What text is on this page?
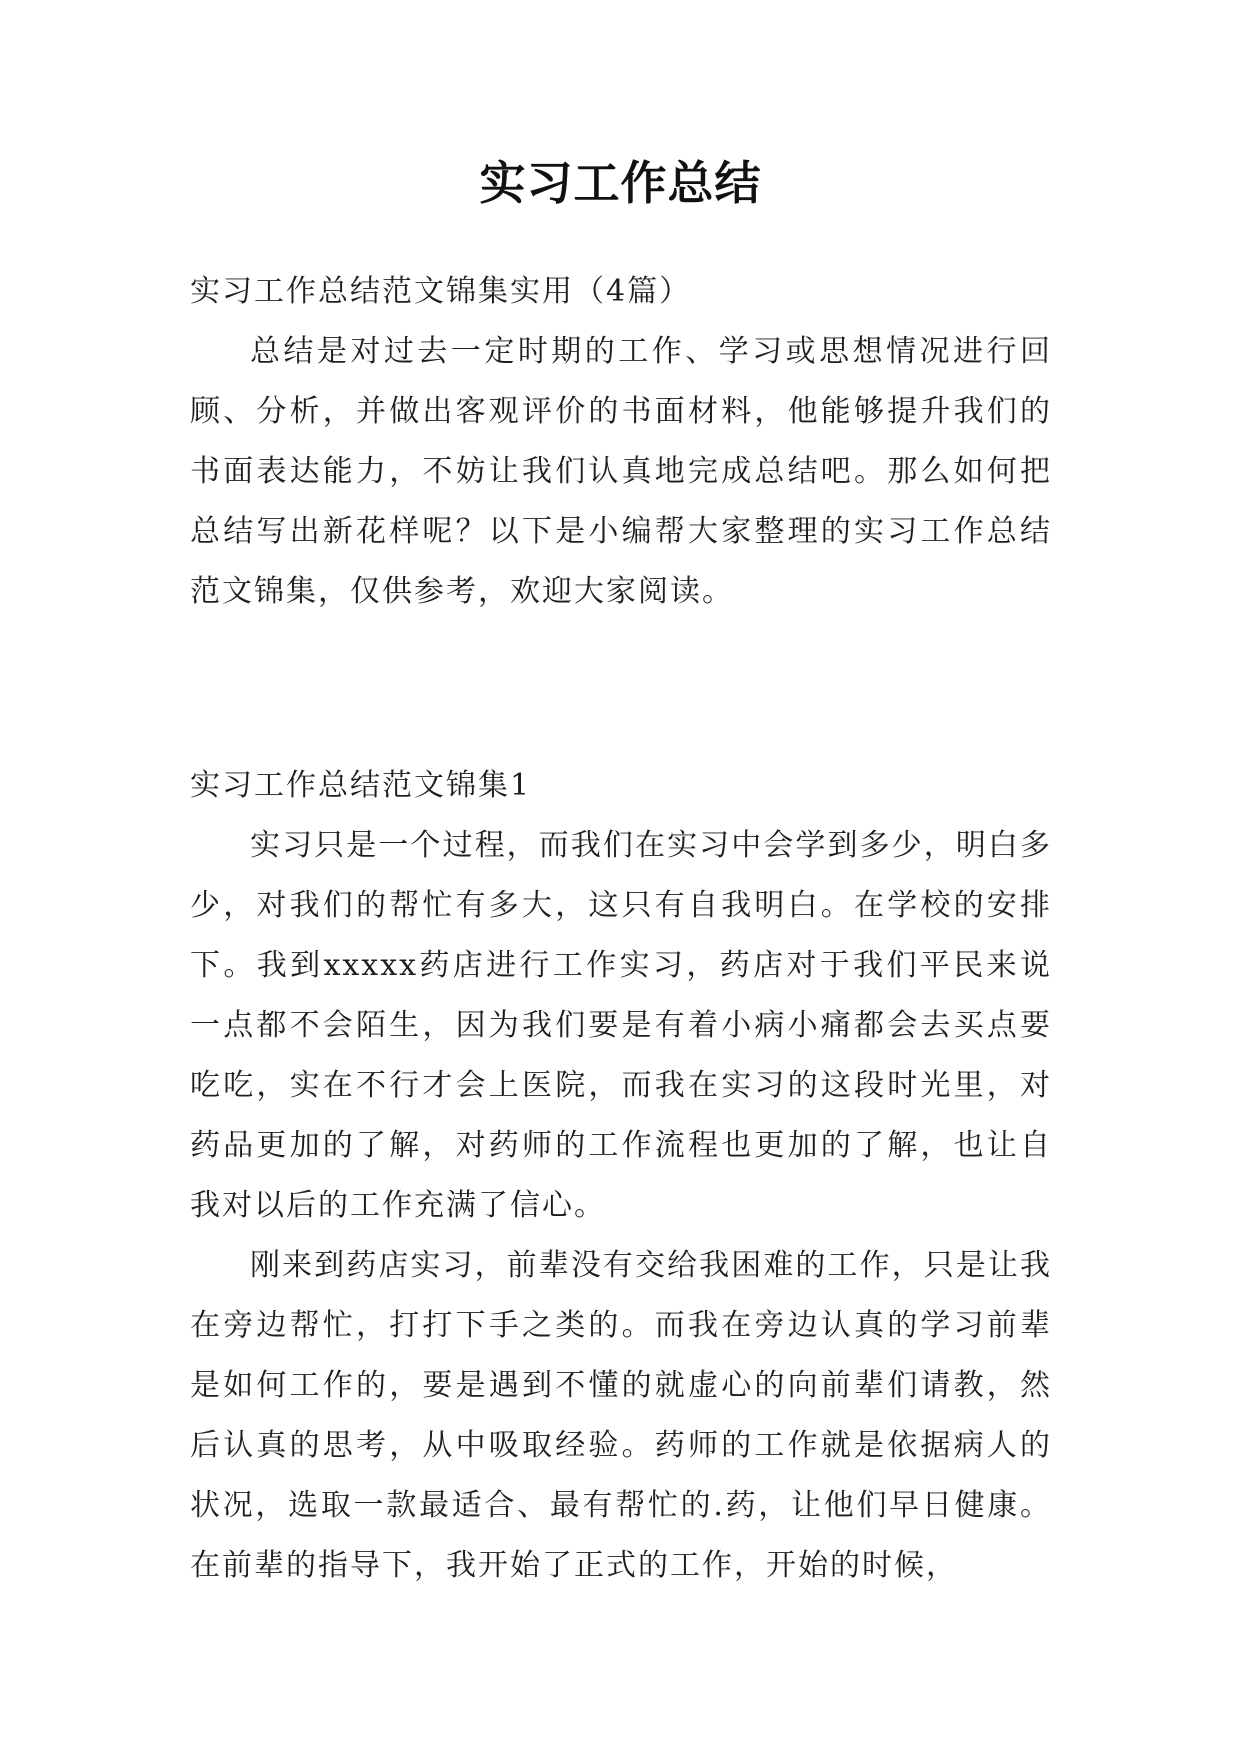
实习工作总结

实习工作总结范文锦集实用（4篇）

总结是对过去一定时期的工作、学习或思想情况进行回顾、分析，并做出客观评价的书面材料，他能够提升我们的书面表达能力，不妨让我们认真地完成总结吧。那么如何把总结写出新花样呢？以下是小编帮大家整理的实习工作总结范文锦集，仅供参考，欢迎大家阅读。

实习工作总结范文锦集1

实习只是一个过程，而我们在实习中会学到多少，明白多少，对我们的帮忙有多大，这只有自我明白。在学校的安排下。我到xxxxx药店进行工作实习，药店对于我们平民来说一点都不会陌生，因为我们要是有着小病小痛都会去买点要吃吃，实在不行才会上医院，而我在实习的这段时光里，对药品更加的了解，对药师的工作流程也更加的了解，也让自我对以后的工作充满了信心。

刚来到药店实习，前辈没有交给我困难的工作，只是让我在旁边帮忙，打打下手之类的。而我在旁边认真的学习前辈是如何工作的，要是遇到不懂的就虚心的向前辈们请教，然后认真的思考，从中吸取经验。药师的工作就是依据病人的状况，选取一款最适合、最有帮忙的.药，让他们早日健康。在前辈的指导下，我开始了正式的工作，开始的时候，
